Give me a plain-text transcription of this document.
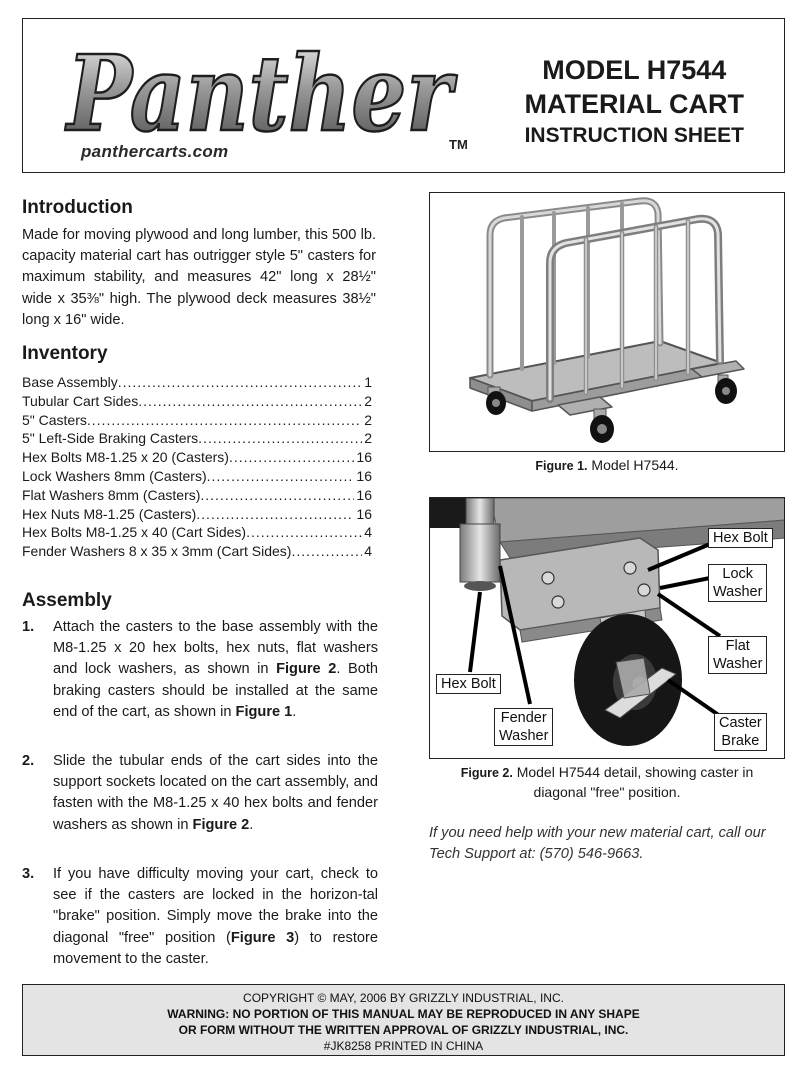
Panther
panthercarts.com	TM
MODEL H7544
MATERIAL CART
INSTRUCTION SHEET
Introduction

Made for moving plywood and long lumber, this 500 lb. capacity material cart has outrigger style 5" casters for maximum stability, and measures 42" long x 28½" wide x 35⅜" high. The plywood deck measures 38½" long x 16" wide.

Inventory
Base Assembly .....	1
Tubular Cart Sides .....	2
5" Casters .....	2
5" Left-Side Braking Casters .....	2
Hex Bolts M8-1.25 x 20 (Casters) .....	16
Lock Washers 8mm (Casters) .....	16
Flat Washers 8mm (Casters) .....	16
Hex Nuts M8-1.25 (Casters) .....	16
Hex Bolts M8-1.25 x 40 (Cart Sides) .....	4
Fender Washers 8 x 35 x 3mm (Cart Sides) .....	4
Assembly
1. Attach the casters to the base assembly with the M8-1.25 x 20 hex bolts, hex nuts, flat washers and lock washers, as shown in Figure 2. Both braking casters should be installed at the same end of the cart, as shown in Figure 1.
2. Slide the tubular ends of the cart sides into the support sockets located on the cart assembly, and fasten with the M8-1.25 x 40 hex bolts and fender washers as shown in Figure 2.
3. If you have difficulty moving your cart, check to see if the casters are locked in the horizon-tal "brake" position. Simply move the brake into the diagonal "free" position (Figure 3) to restore movement to the caster.
Figure 1. Model H7544.
Hex Bolt
Lock
Washer
Flat
Washer
Hex Bolt
Fender
Washer
Caster
Brake
Figure 2. Model H7544 detail, showing caster in
diagonal "free" position.
If you need help with your new material cart, call our Tech Support at: (570) 546-9663.
COPYRIGHT © MAY, 2006 BY GRIZZLY INDUSTRIAL, INC.
WARNING: NO PORTION OF THIS MANUAL MAY BE REPRODUCED IN ANY SHAPE
OR FORM WITHOUT THE WRITTEN APPROVAL OF GRIZZLY INDUSTRIAL, INC.
#JK8258 PRINTED IN CHINA
